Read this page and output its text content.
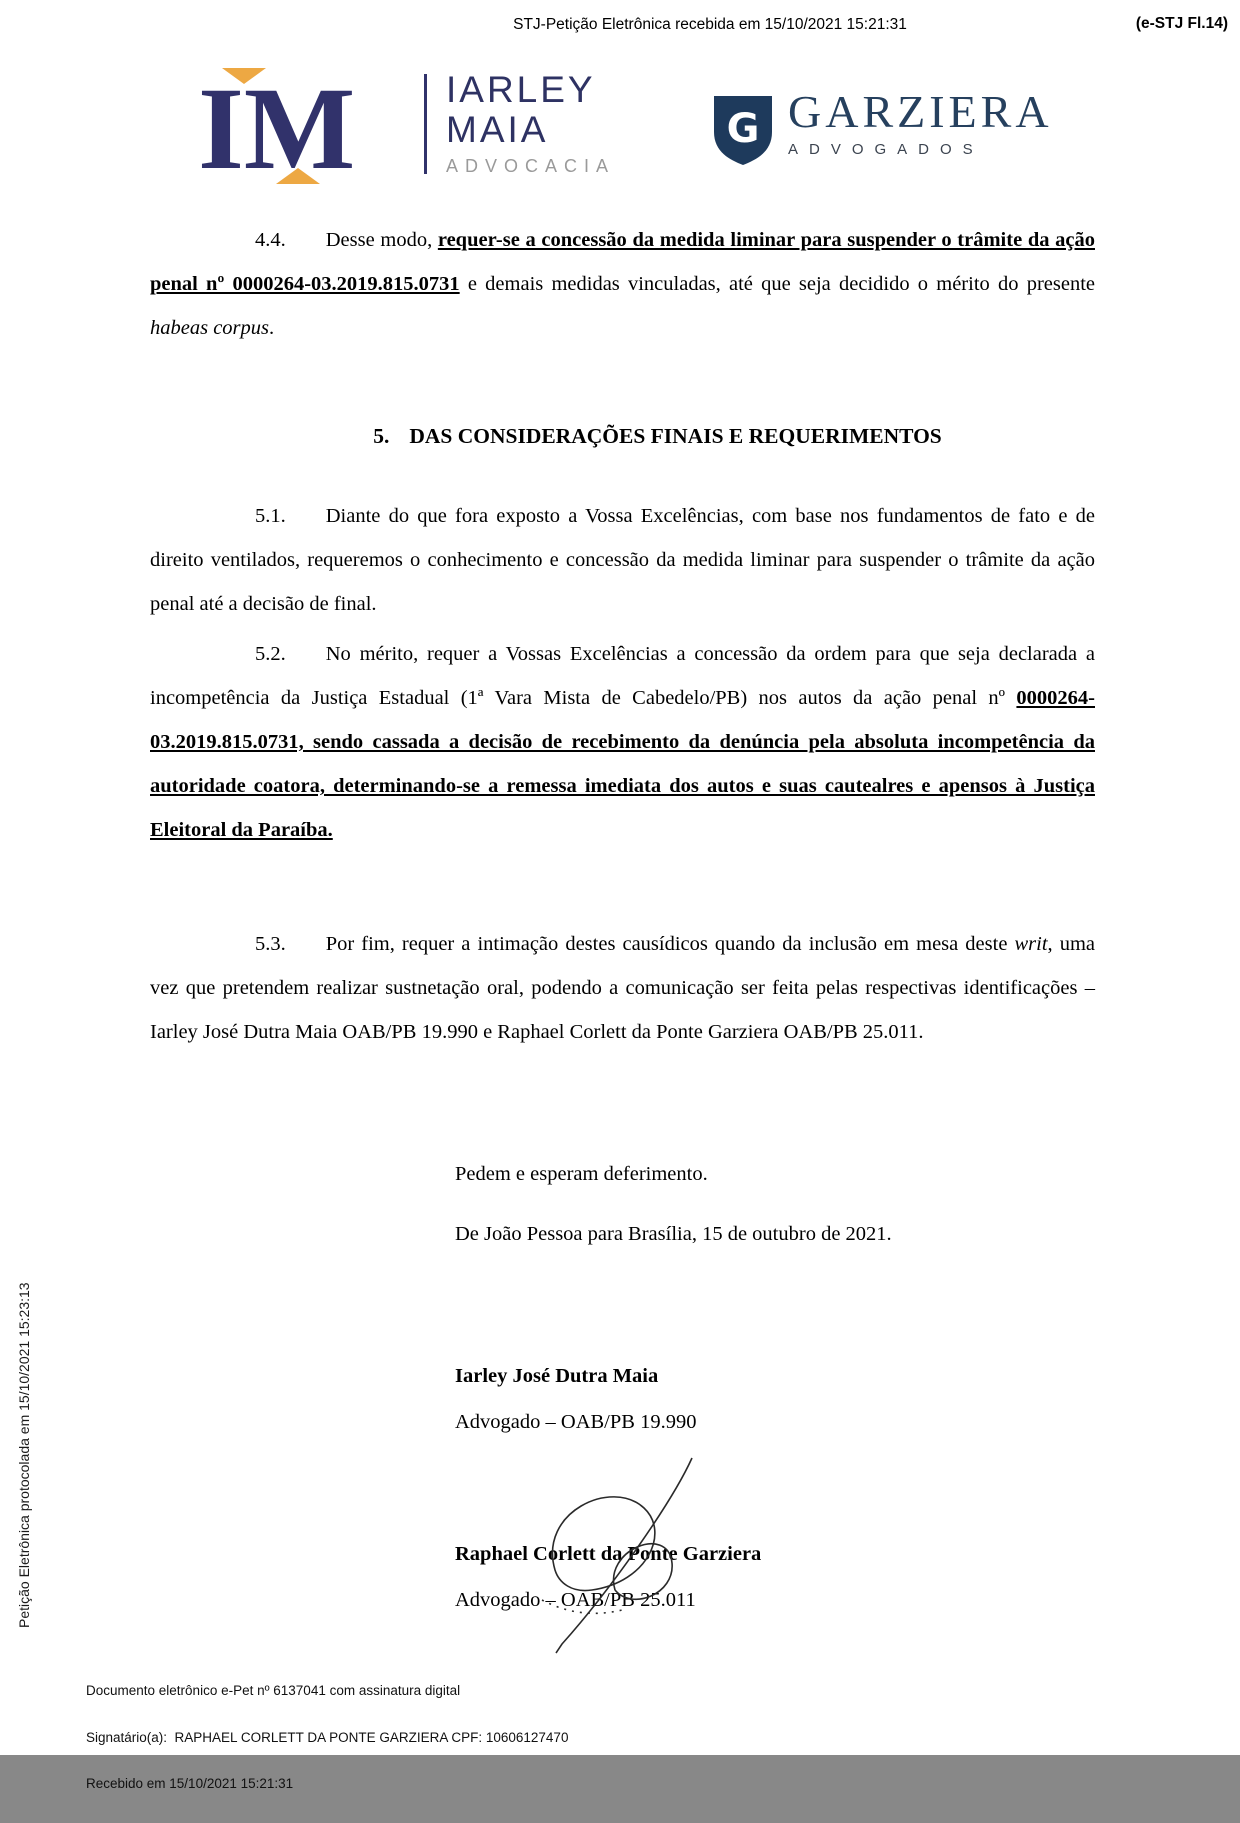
STJ-Petição Eletrônica recebida em 15/10/2021 15:21:31	(e-STJ Fl.14)
IM IARLEY
MAIA
ADVOCACIA
G GARZIERA
ADVOGADOS

4.4. Desse modo, requer-se a concessão da medida liminar para suspender o trâmite da ação penal nº 0000264-03.2019.815.0731 e demais medidas vinculadas, até que seja decidido o mérito do presente habeas corpus.

5. DAS CONSIDERAÇÕES FINAIS E REQUERIMENTOS

5.1. Diante do que fora exposto a Vossa Excelências, com base nos fundamentos de fato e de direito ventilados, requeremos o conhecimento e concessão da medida liminar para suspender o trâmite da ação penal até a decisão de final.

5.2. No mérito, requer a Vossas Excelências a concessão da ordem para que seja declarada a incompetência da Justiça Estadual (1ª Vara Mista de Cabedelo/PB) nos autos da ação penal nº 0000264-03.2019.815.0731, sendo cassada a decisão de recebimento da denúncia pela absoluta incompetência da autoridade coatora, determinando-se a remessa imediata dos autos e suas cautealres e apensos à Justiça Eleitoral da Paraíba.

5.3. Por fim, requer a intimação destes causídicos quando da inclusão em mesa deste writ, uma vez que pretendem realizar sustnetação oral, podendo a comunicação ser feita pelas respectivas identificações – Iarley José Dutra Maia OAB/PB 19.990 e Raphael Corlett da Ponte Garziera OAB/PB 25.011.

Pedem e esperam deferimento.

De João Pessoa para Brasília, 15 de outubro de 2021.

Iarley José Dutra Maia

Advogado – OAB/PB 19.990

Raphael Corlett da Ponte Garziera

Advogado – OAB/PB 25.011

Petição Eletrônica protocolada em 15/10/2021 15:23:13

Documento eletrônico e-Pet nº 6137041 com assinatura digital

Signatário(a):  RAPHAEL CORLETT DA PONTE GARZIERA CPF: 10606127470

Recebido em 15/10/2021 15:21:31
